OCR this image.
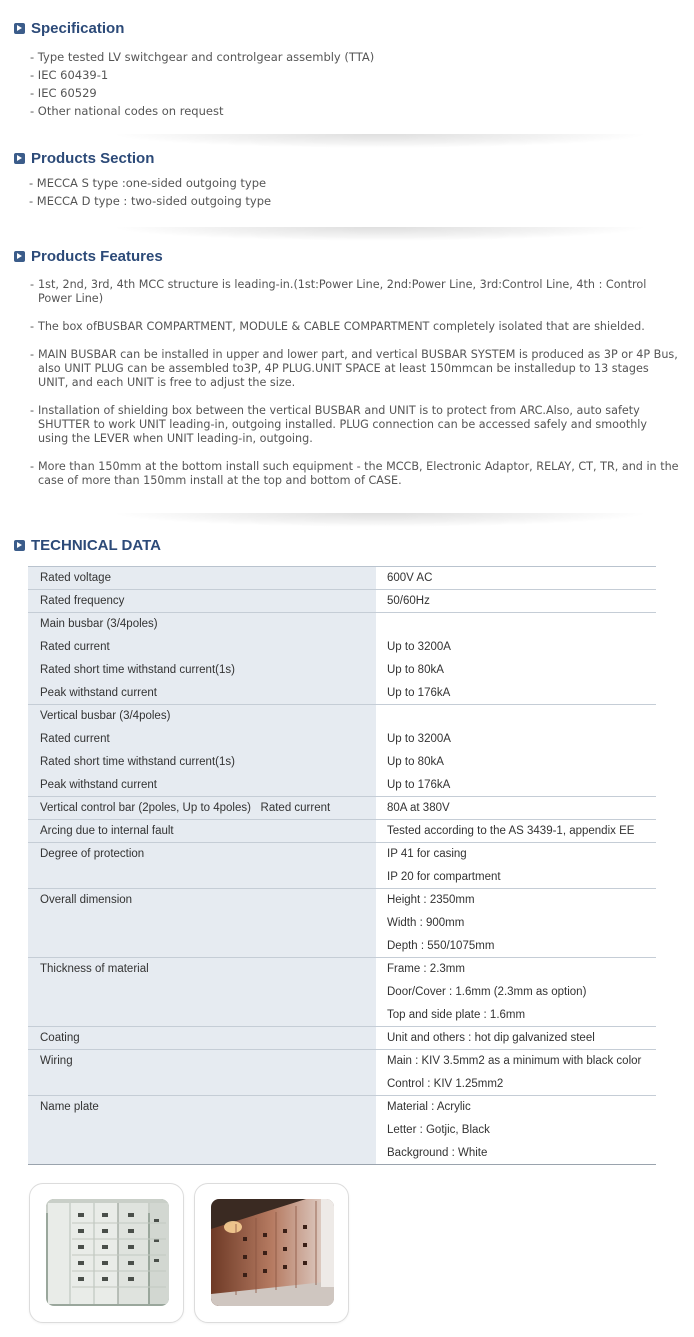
Specification
- Type tested LV switchgear and controlgear assembly (TTA)
- IEC 60439-1
- IEC 60529
- Other national codes on request
Products Section
- MECCA S type :one-sided outgoing type
- MECCA D type : two-sided outgoing type
Products Features
- 1st, 2nd, 3rd, 4th MCC structure is leading-in.(1st:Power Line, 2nd:Power Line, 3rd:Control Line, 4th : Control Power Line)
- The box ofBUSBAR COMPARTMENT, MODULE & CABLE COMPARTMENT completely isolated that are shielded.
- MAIN BUSBAR can be installed in upper and lower part, and vertical BUSBAR SYSTEM is produced as 3P or 4P Bus, also UNIT PLUG can be assembled to3P, 4P PLUG.UNIT SPACE at least 150mmcan be installedup to 13 stages UNIT, and each UNIT is free to adjust the size.
- Installation of shielding box between the vertical BUSBAR and UNIT is to protect from ARC.Also, auto safety SHUTTER to work UNIT leading-in, outgoing installed. PLUG connection can be accessed safely and smoothly using the LEVER when UNIT leading-in, outgoing.
- More than 150mm at the bottom install such equipment - the MCCB, Electronic Adaptor, RELAY, CT, TR, and in the case of more than 150mm install at the top and bottom of CASE.
TECHNICAL DATA
Rated voltage	600V AC
Rated frequency	50/60Hz
Main busbar (3/4poles)	
Rated current	Up to 3200A
Rated short time withstand current(1s)	Up to 80kA
Peak withstand current	Up to 176kA
Vertical busbar (3/4poles)	
Rated current	Up to 3200A
Rated short time withstand current(1s)	Up to 80kA
Peak withstand current	Up to 176kA
Vertical control bar (2poles, Up to 4poles)   Rated current	80A at 380V
Arcing due to internal fault	Tested according to the AS 3439-1, appendix EE
Degree of protection	IP 41 for casing
	IP 20 for compartment
Overall dimension	Height : 2350mm
	Width : 900mm
	Depth : 550/1075mm
Thickness of material	Frame : 2.3mm
	Door/Cover : 1.6mm (2.3mm as option)
	Top and side plate : 1.6mm
Coating	Unit and others : hot dip galvanized steel
Wiring	Main : KIV 3.5mm2 as a minimum with black color
	Control : KIV 1.25mm2
Name plate	Material : Acrylic
	Letter : Gotjic, Black
	Background : White
